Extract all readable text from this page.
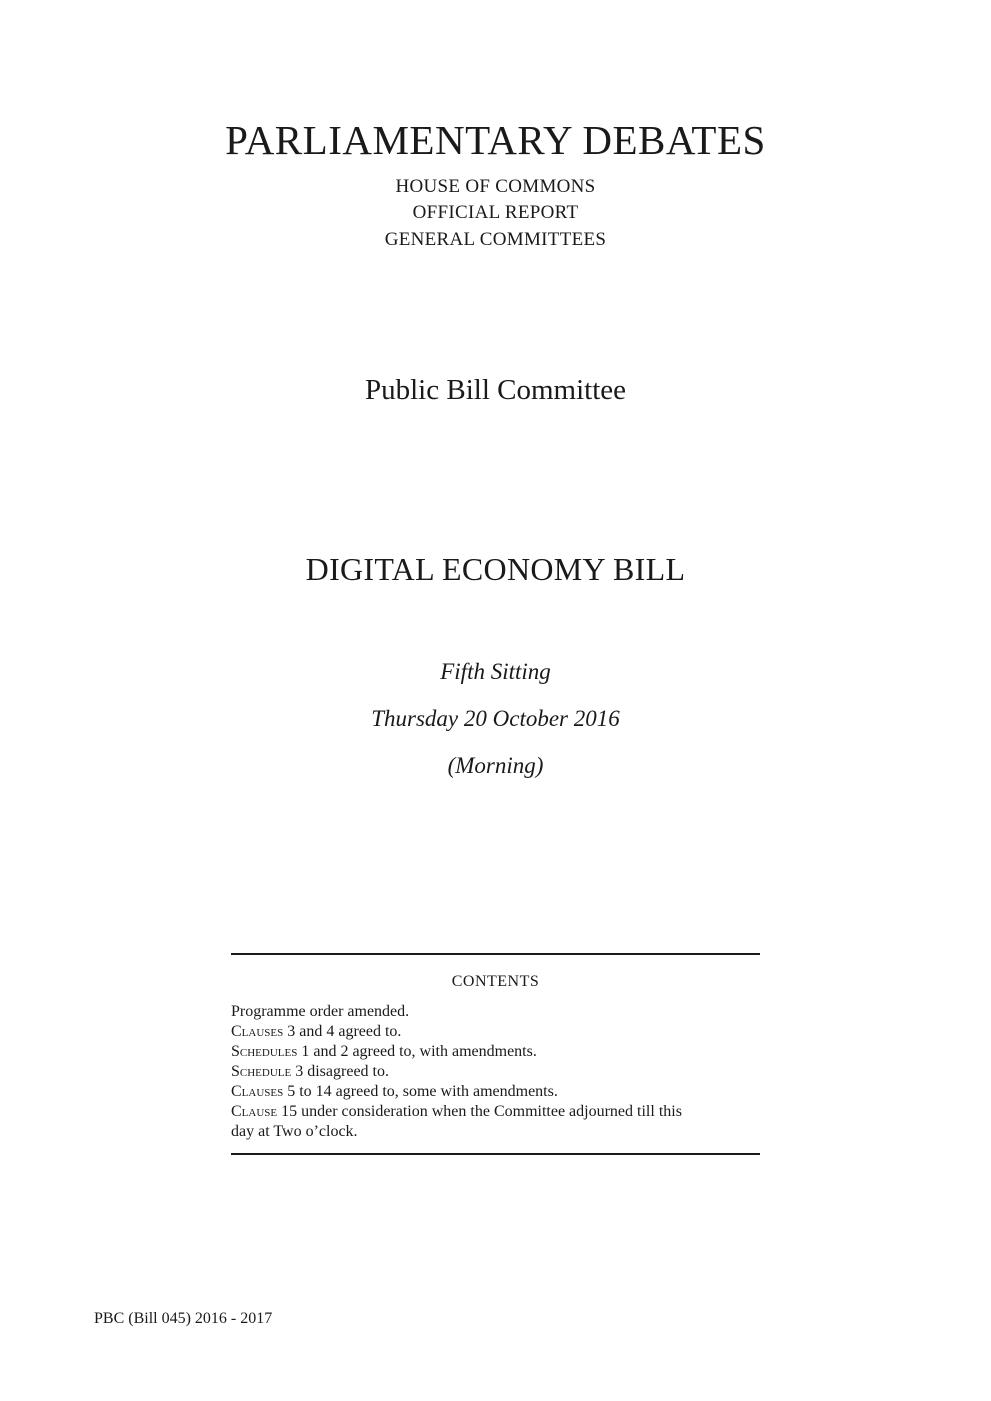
PARLIAMENTARY DEBATES
HOUSE OF COMMONS
OFFICIAL REPORT
GENERAL COMMITTEES
Public Bill Committee
DIGITAL ECONOMY BILL
Fifth Sitting
Thursday 20 October 2016
(Morning)
CONTENTS
Programme order amended.
Clauses 3 and 4 agreed to.
Schedules 1 and 2 agreed to, with amendments.
Schedule 3 disagreed to.
Clauses 5 to 14 agreed to, some with amendments.
Clause 15 under consideration when the Committee adjourned till this
day at Two o’clock.
PBC (Bill 045) 2016 - 2017
